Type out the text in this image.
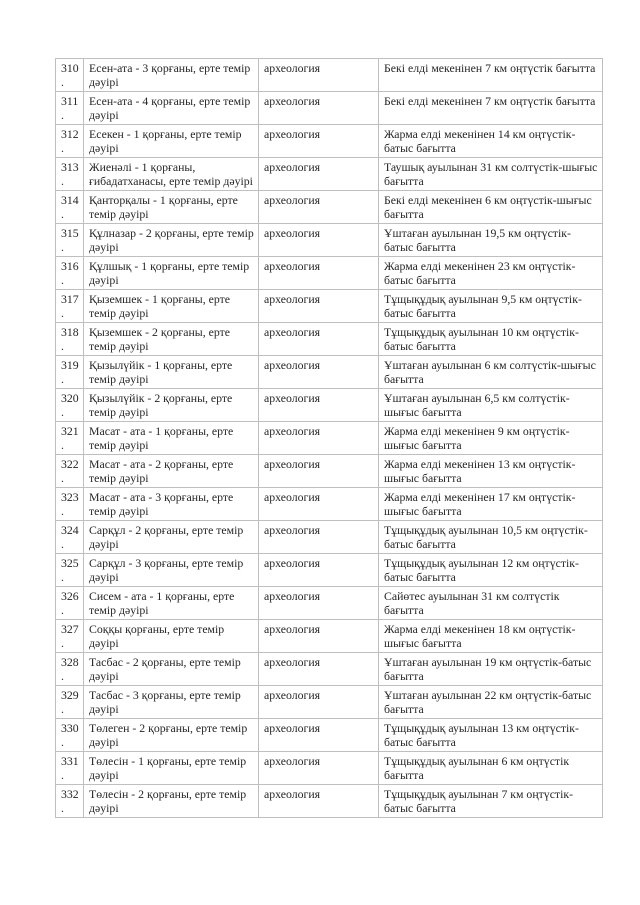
310.	Есен-ата - 3 қорғаны, ерте темір дәуірі	археология	Бекі елді мекенінен 7 км оңтүстік бағытта
311.	Есен-ата - 4 қорғаны, ерте темір дәуірі	археология	Бекі елді мекенінен 7 км оңтүстік бағытта
312.	Есекен - 1 қорғаны, ерте темір дәуірі	археология	Жарма елді мекенінен 14 км оңтүстік-батыс бағытта
313.	Жиенәлі - 1 қорғаны, ғибадатханасы, ерте темір дәуірі	археология	Таушық ауылынан 31 км солтүстік-шығыс бағытта
314.	Қанторқалы - 1 қорғаны, ерте темір дәуірі	археология	Бекі елді мекенінен 6 км оңтүстік-шығыс бағытта
315.	Құлназар - 2 қорғаны, ерте темір дәуірі	археология	Ұштаған ауылынан 19,5 км оңтүстік-батыс бағытта
316.	Құлшық - 1 қорғаны, ерте темір дәуірі	археология	Жарма елді мекенінен 23 км оңтүстік-батыс бағытта
317.	Қыземшек - 1 қорғаны, ерте темір дәуірі	археология	Тұщықұдық ауылынан 9,5 км оңтүстік-батыс бағытта
318.	Қыземшек - 2 қорғаны, ерте темір дәуірі	археология	Тұщықұдық ауылынан 10 км оңтүстік-батыс бағытта
319.	Қызылүйік - 1 қорғаны, ерте темір дәуірі	археология	Ұштаған ауылынан 6 км солтүстік-шығыс бағытта
320.	Қызылүйік - 2 қорғаны, ерте темір дәуірі	археология	Ұштаған ауылынан 6,5 км солтүстік-шығыс бағытта
321.	Масат - ата - 1 қорғаны, ерте темір дәуірі	археология	Жарма елді мекенінен 9 км оңтүстік-шығыс бағытта
322.	Масат - ата - 2 қорғаны, ерте темір дәуірі	археология	Жарма елді мекенінен 13 км оңтүстік-шығыс бағытта
323.	Масат - ата - 3 қорғаны, ерте темір дәуірі	археология	Жарма елді мекенінен 17 км оңтүстік-шығыс бағытта
324.	Сарқұл - 2 қорғаны, ерте темір дәуірі	археология	Тұщықұдық ауылынан 10,5 км оңтүстік-батыс бағытта
325.	Сарқұл - 3 қорғаны, ерте темір дәуірі	археология	Тұщықұдық ауылынан 12 км оңтүстік-батыс бағытта
326.	Сисем - ата - 1 қорғаны, ерте темір дәуірі	археология	Сайөтес ауылынан 31 км солтүстік бағытта
327.	Соққы қорғаны, ерте темір дәуірі	археология	Жарма елді мекенінен 18 км оңтүстік-шығыс бағытта
328.	Тасбас - 2 қорғаны, ерте темір дәуірі	археология	Ұштаған ауылынан 19 км оңтүстік-батыс бағытта
329.	Тасбас - 3 қорғаны, ерте темір дәуірі	археология	Ұштаған ауылынан 22 км оңтүстік-батыс бағытта
330.	Төлеген - 2 қорғаны, ерте темір дәуірі	археология	Тұщықұдық ауылынан 13 км оңтүстік-батыс бағытта
331.	Төлесін - 1 қорғаны, ерте темір дәуірі	археология	Тұщықұдық ауылынан 6 км оңтүстік бағытта
332.	Төлесін - 2 қорғаны, ерте темір дәуірі	археология	Тұщықұдық ауылынан 7 км оңтүстік-батыс бағытта
